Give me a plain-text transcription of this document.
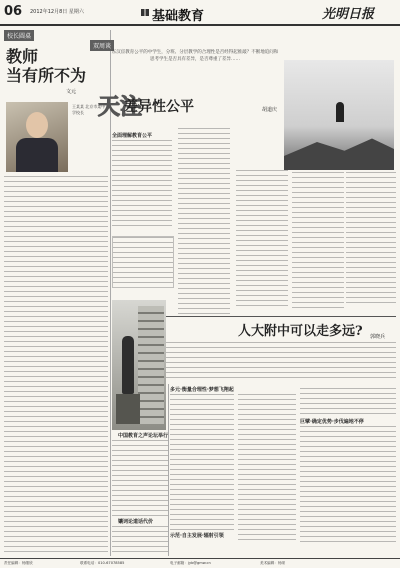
06 2012年12月8日 星期六	基础教育	光明日报
校长圆桌
教师
当有所不为
文元
王某某 北京市某中学校长
双周谈
东汉宦教育公平的中学生，分班、分层教学的合理性是否经得起推敲？不断地追问和思考学生是否具有差异，是否尊重了差异……
天注
差异性公平	胡道庆
全面理解教育公平
人大附中可以走多远? 郭晓兵
多元·衡量合理性·梦想飞翔起
巨擘·确定优势·步伐遍地不停
示范·自主发展·辐射引领
中国教育之声论坛举行
镶词论道话代价
责任编辑：杨继欣	联系电话：010-67078585	电子邮箱：jyb@gmw.cn	美术编辑：杨颂
